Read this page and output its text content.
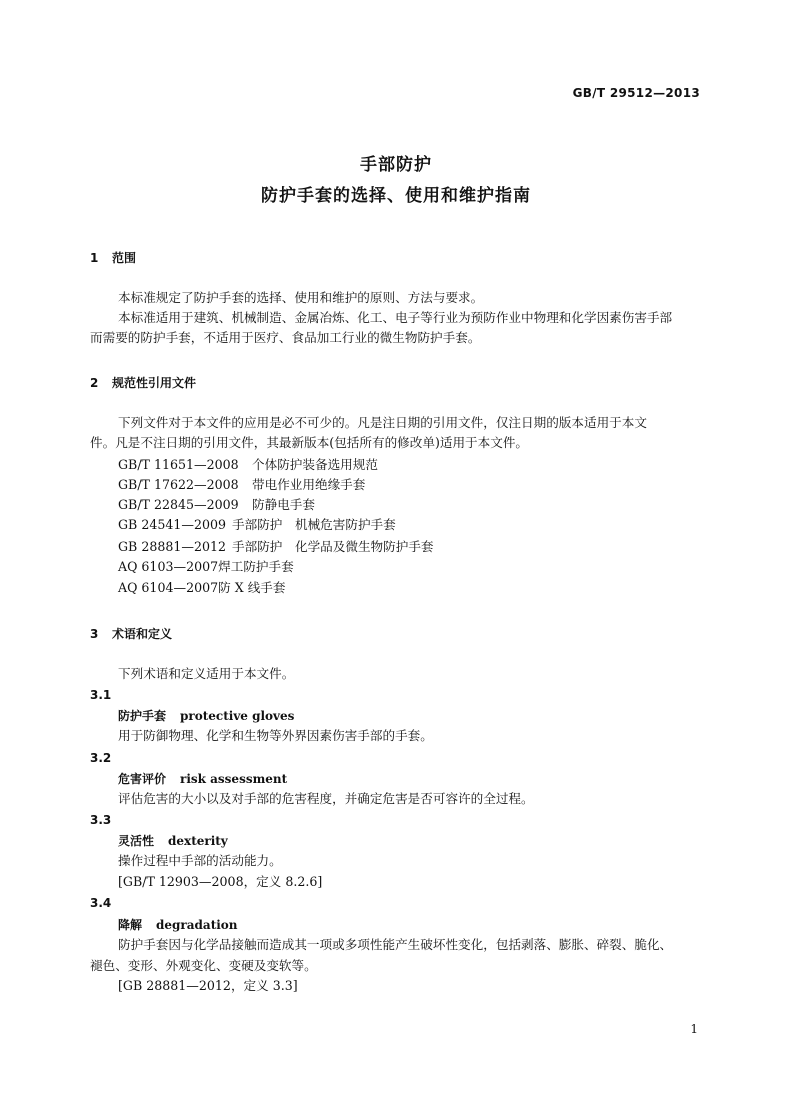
GB/T 29512—2013
手部防护
防护手套的选择、使用和维护指南
1 范围
本标准规定了防护手套的选择、使用和维护的原则、方法与要求。
本标准适用于建筑、机械制造、金属冶炼、化工、电子等行业为预防作业中物理和化学因素伤害手部
而需要的防护手套，不适用于医疗、食品加工行业的微生物防护手套。
2 规范性引用文件
下列文件对于本文件的应用是必不可少的。凡是注日期的引用文件，仅注日期的版本适用于本文
件。凡是不注日期的引用文件，其最新版本(包括所有的修改单)适用于本文件。
GB/T 11651—2008 个体防护装备选用规范
GB/T 17622—2008 带电作业用绝缘手套
GB/T 22845—2009 防静电手套
GB 24541—2009 手部防护　机械危害防护手套
GB 28881—2012 手部防护　化学品及微生物防护手套
AQ 6103—2007焊工防护手套
AQ 6104—2007防 X 线手套
3 术语和定义
下列术语和定义适用于本文件。
3.1
防护手套 protective gloves
用于防御物理、化学和生物等外界因素伤害手部的手套。
3.2
危害评价 risk assessment
评估危害的大小以及对手部的危害程度，并确定危害是否可容许的全过程。
3.3
灵活性 dexterity
操作过程中手部的活动能力。
[GB/T 12903—2008，定义 8.2.6]
3.4
降解 degradation
防护手套因与化学品接触而造成其一项或多项性能产生破坏性变化，包括剥落、膨胀、碎裂、脆化、
褪色、变形、外观变化、变硬及变软等。
[GB 28881—2012，定义 3.3]
1
